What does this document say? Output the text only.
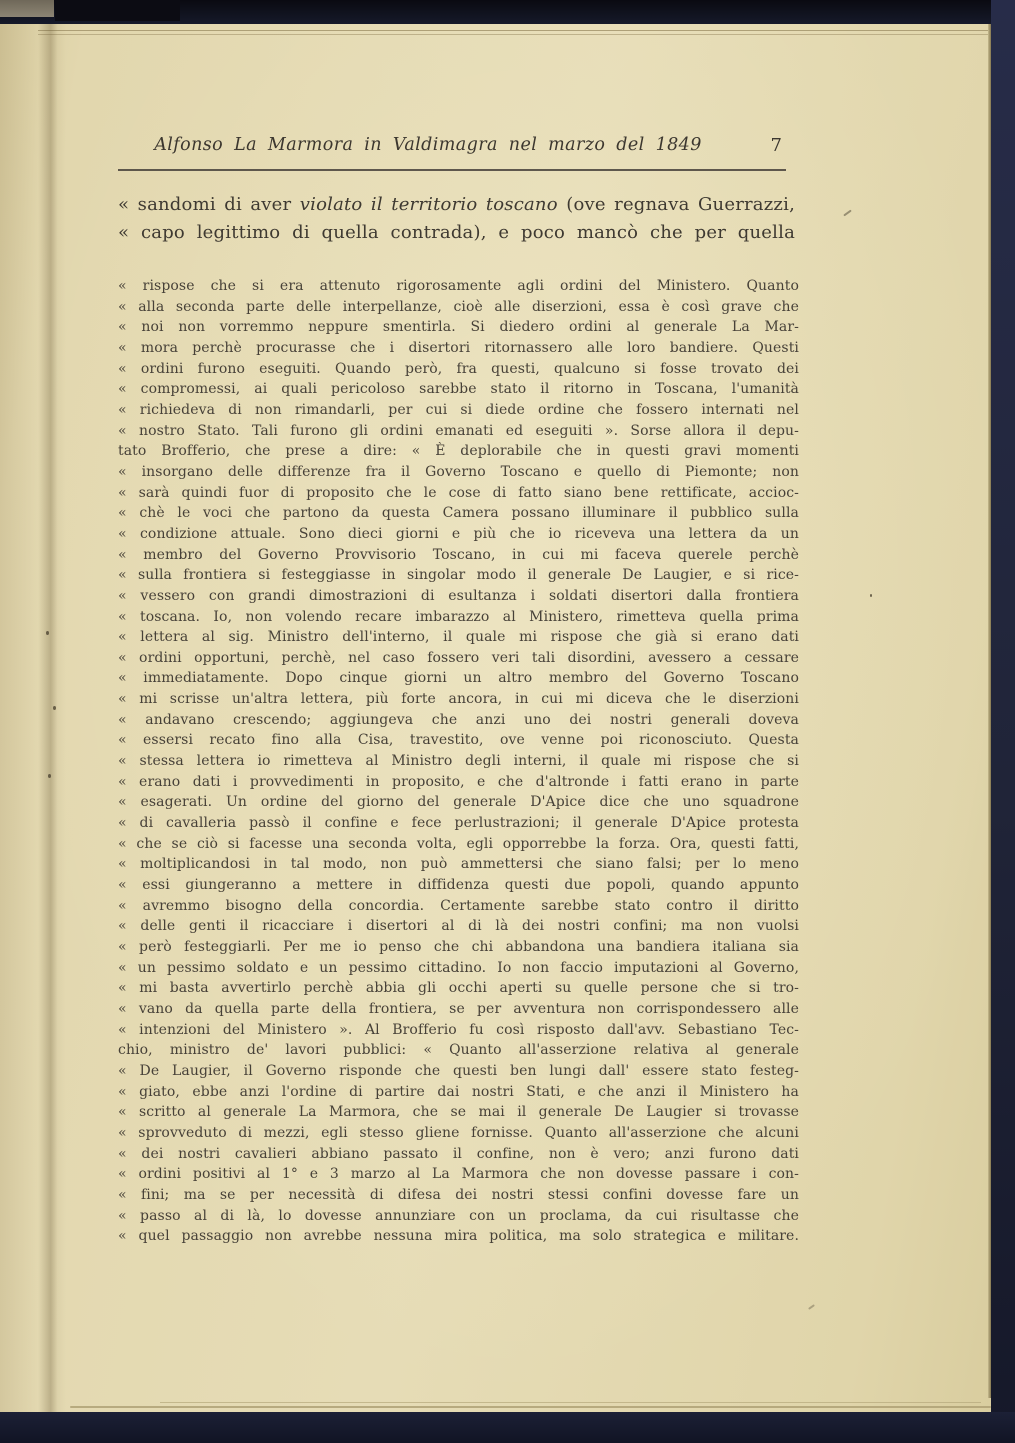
Alfonso La Marmora in Valdimagra nel marzo del 1849	7
« sandomi di aver violato il territorio toscano (ove regnava Guerrazzi,
« capo legittimo di quella contrada), e poco mancò che per quella
« rispose che si era attenuto rigorosamente agli ordini del Ministero. Quanto
« alla seconda parte delle interpellanze, cioè alle diserzioni, essa è così grave che
« noi non vorremmo neppure smentirla. Si diedero ordini al generale La Mar-
« mora perchè procurasse che i disertori ritornassero alle loro bandiere. Questi
« ordini furono eseguiti. Quando però, fra questi, qualcuno si fosse trovato dei
« compromessi, ai quali pericoloso sarebbe stato il ritorno in Toscana, l'umanità
« richiedeva di non rimandarli, per cui si diede ordine che fossero internati nel
« nostro Stato. Tali furono gli ordini emanati ed eseguiti ». Sorse allora il depu-
tato Brofferio, che prese a dire: « È deplorabile che in questi gravi momenti
« insorgano delle differenze fra il Governo Toscano e quello di Piemonte; non
« sarà quindi fuor di proposito che le cose di fatto siano bene rettificate, accioc-
« chè le voci che partono da questa Camera possano illuminare il pubblico sulla
« condizione attuale. Sono dieci giorni e più che io riceveva una lettera da un
« membro del Governo Provvisorio Toscano, in cui mi faceva querele perchè
« sulla frontiera si festeggiasse in singolar modo il generale De Laugier, e si rice-
« vessero con grandi dimostrazioni di esultanza i soldati disertori dalla frontiera
« toscana. Io, non volendo recare imbarazzo al Ministero, rimetteva quella prima
« lettera al sig. Ministro dell'interno, il quale mi rispose che già si erano dati
« ordini opportuni, perchè, nel caso fossero veri tali disordini, avessero a cessare
« immediatamente. Dopo cinque giorni un altro membro del Governo Toscano
« mi scrisse un'altra lettera, più forte ancora, in cui mi diceva che le diserzioni
« andavano crescendo; aggiungeva che anzi uno dei nostri generali doveva
« essersi recato fino alla Cisa, travestito, ove venne poi riconosciuto. Questa
« stessa lettera io rimetteva al Ministro degli interni, il quale mi rispose che si
« erano dati i provvedimenti in proposito, e che d'altronde i fatti erano in parte
« esagerati. Un ordine del giorno del generale D'Apice dice che uno squadrone
« di cavalleria passò il confine e fece perlustrazioni; il generale D'Apice protesta
« che se ciò si facesse una seconda volta, egli opporrebbe la forza. Ora, questi fatti,
« moltiplicandosi in tal modo, non può ammettersi che siano falsi; per lo meno
« essi giungeranno a mettere in diffidenza questi due popoli, quando appunto
« avremmo bisogno della concordia. Certamente sarebbe stato contro il diritto
« delle genti il ricacciare i disertori al di là dei nostri confini; ma non vuolsi
« però festeggiarli. Per me io penso che chi abbandona una bandiera italiana sia
« un pessimo soldato e un pessimo cittadino. Io non faccio imputazioni al Governo,
« mi basta avvertirlo perchè abbia gli occhi aperti su quelle persone che si tro-
« vano da quella parte della frontiera, se per avventura non corrispondessero alle
« intenzioni del Ministero ». Al Brofferio fu così risposto dall'avv. Sebastiano Tec-
chio, ministro de' lavori pubblici: « Quanto all'asserzione relativa al generale
« De Laugier, il Governo risponde che questi ben lungi dall' essere stato festeg-
« giato, ebbe anzi l'ordine di partire dai nostri Stati, e che anzi il Ministero ha
« scritto al generale La Marmora, che se mai il generale De Laugier si trovasse
« sprovveduto di mezzi, egli stesso gliene fornisse. Quanto all'asserzione che alcuni
« dei nostri cavalieri abbiano passato il confine, non è vero; anzi furono dati
« ordini positivi al 1° e 3 marzo al La Marmora che non dovesse passare i con-
« fini; ma se per necessità di difesa dei nostri stessi confini dovesse fare un
« passo al di là, lo dovesse annunziare con un proclama, da cui risultasse che
« quel passaggio non avrebbe nessuna mira politica, ma solo strategica e militare.
